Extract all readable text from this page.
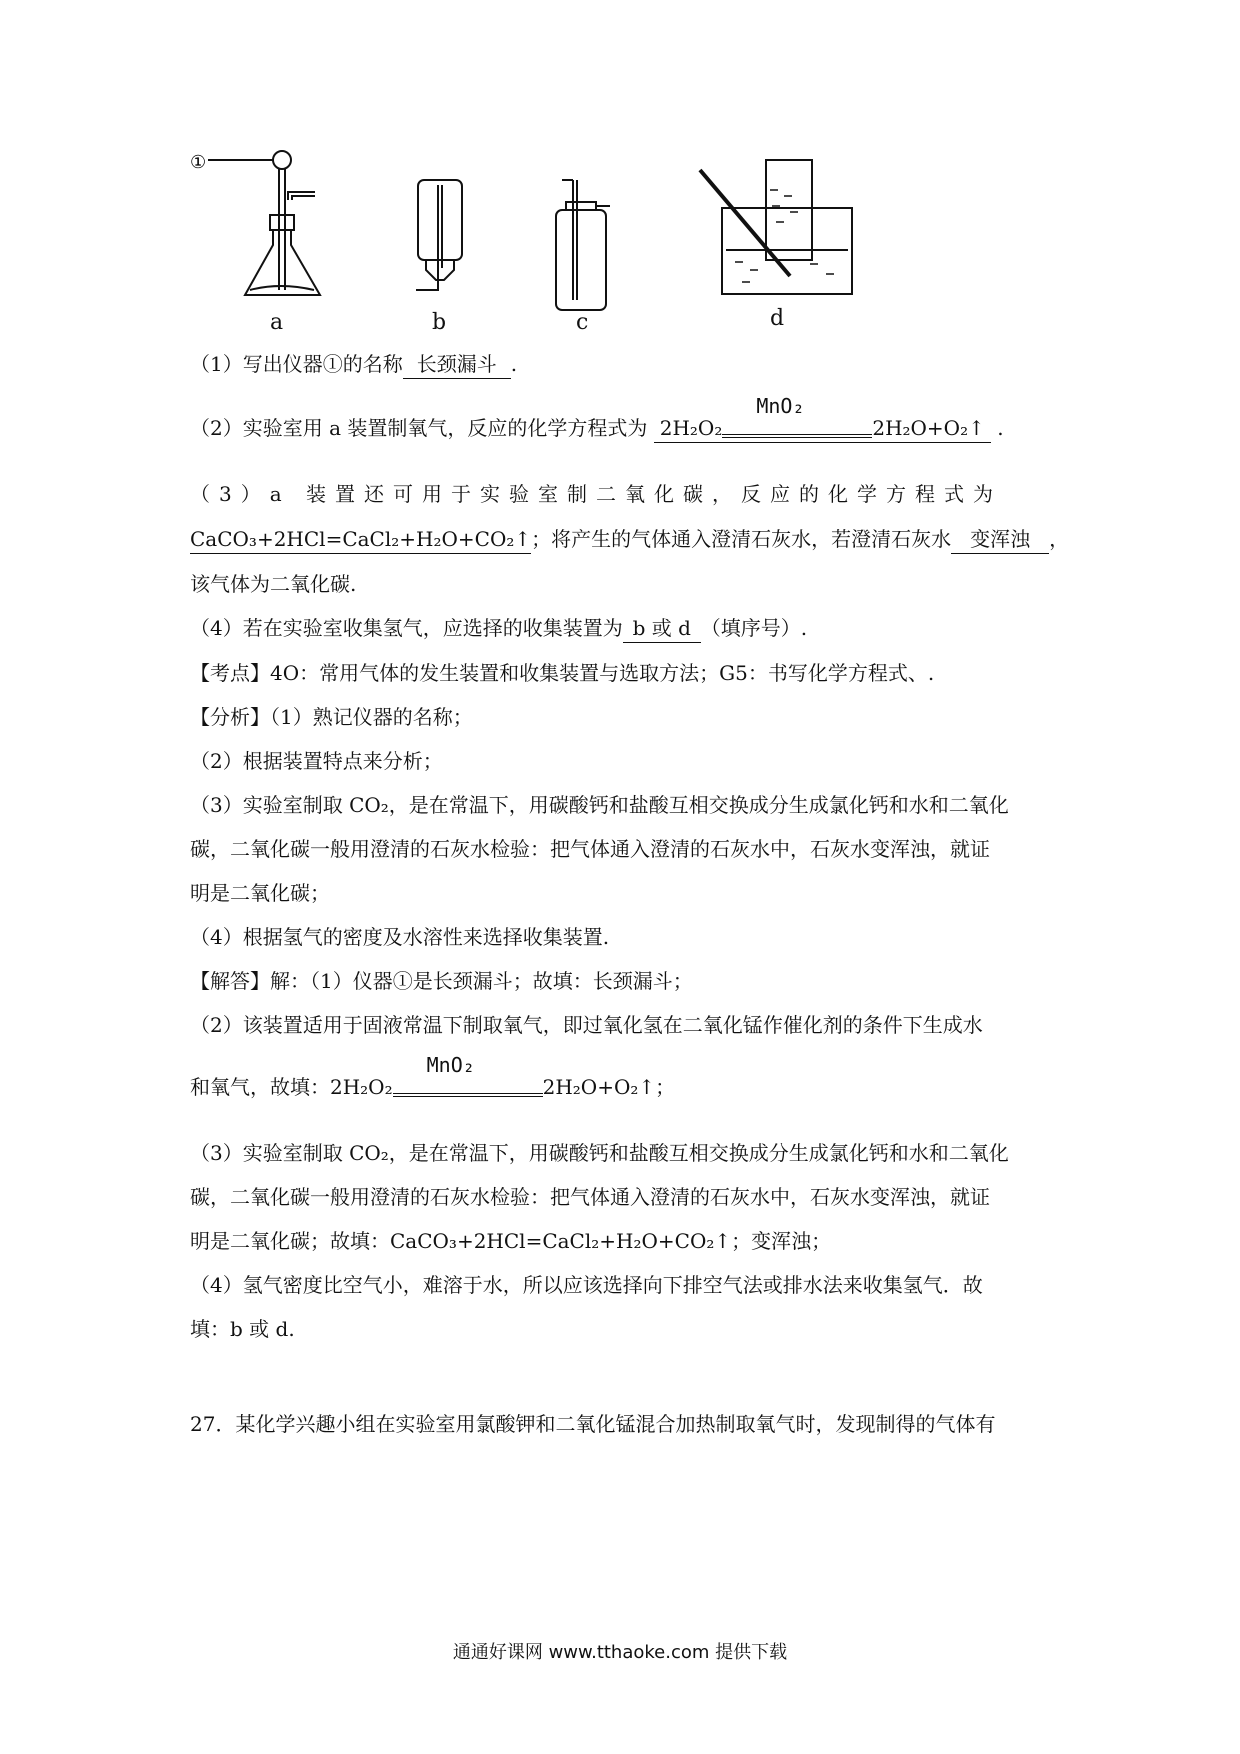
①
a	b	c	d
（1）写出仪器①的名称 长颈漏斗 .
（2）实验室用 a 装置制氧气，反应的化学方程式为 2H₂O₂
MnO₂
2H₂O+O₂↑ .
（3）a 装置还可用于实验室制二氧化碳，反应的化学方程式为
CaCO₃+2HCl=CaCl₂+H₂O+CO₂↑；将产生的气体通入澄清石灰水，若澄清石灰水 变浑浊 ，
该气体为二氧化碳.
（4）若在实验室收集氢气，应选择的收集装置为 b 或 d （填序号）.
【考点】4O：常用气体的发生装置和收集装置与选取方法；G5：书写化学方程式、.
【分析】（1）熟记仪器的名称；
（2）根据装置特点来分析；
（3）实验室制取 CO₂，是在常温下，用碳酸钙和盐酸互相交换成分生成氯化钙和水和二氧化
碳，二氧化碳一般用澄清的石灰水检验：把气体通入澄清的石灰水中，石灰水变浑浊，就证
明是二氧化碳；
（4）根据氢气的密度及水溶性来选择收集装置.
【解答】解：（1）仪器①是长颈漏斗；故填：长颈漏斗；
（2）该装置适用于固液常温下制取氧气，即过氧化氢在二氧化锰作催化剂的条件下生成水
和氧气，故填：2H₂O₂
MnO₂
2H₂O+O₂↑；
（3）实验室制取 CO₂，是在常温下，用碳酸钙和盐酸互相交换成分生成氯化钙和水和二氧化
碳，二氧化碳一般用澄清的石灰水检验：把气体通入澄清的石灰水中，石灰水变浑浊，就证
明是二氧化碳；故填：CaCO₃+2HCl=CaCl₂+H₂O+CO₂↑；变浑浊；
（4）氢气密度比空气小，难溶于水，所以应该选择向下排空气法或排水法来收集氢气．故
填：b 或 d.
27．某化学兴趣小组在实验室用氯酸钾和二氧化锰混合加热制取氧气时，发现制得的气体有
通通好课网 www.tthaoke.com 提供下载
